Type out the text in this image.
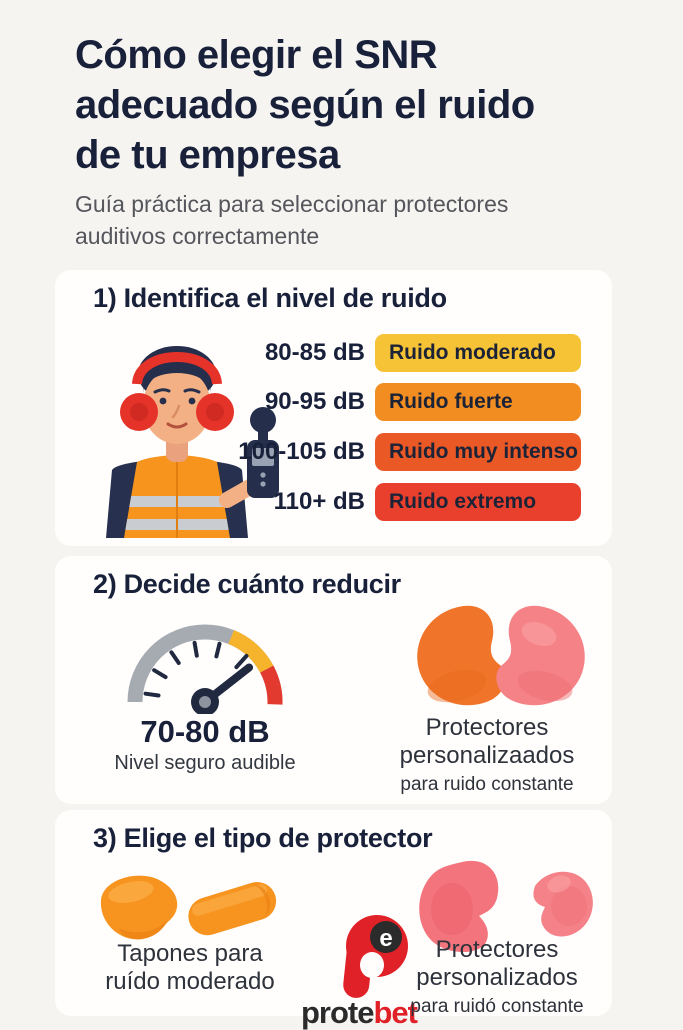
Cómo elegir el SNR adecuado según el ruido de tu empresa

Guía práctica para seleccionar protectores auditivos correctamente

1) Identifica el nivel de ruido
80-85 dB Ruido moderado
90-95 dB Ruido fuerte
100-105 dB Ruido muy intenso
110+ dB Ruido extremo
2) Decide cuánto reducir
70-80 dB
Nivel seguro audible
Protectores
personalizaados
para ruido constante
3) Elige el tipo de protector
Tapones para
ruído moderado
e
protebet
Protectores
personalizados
para ruidó constante
